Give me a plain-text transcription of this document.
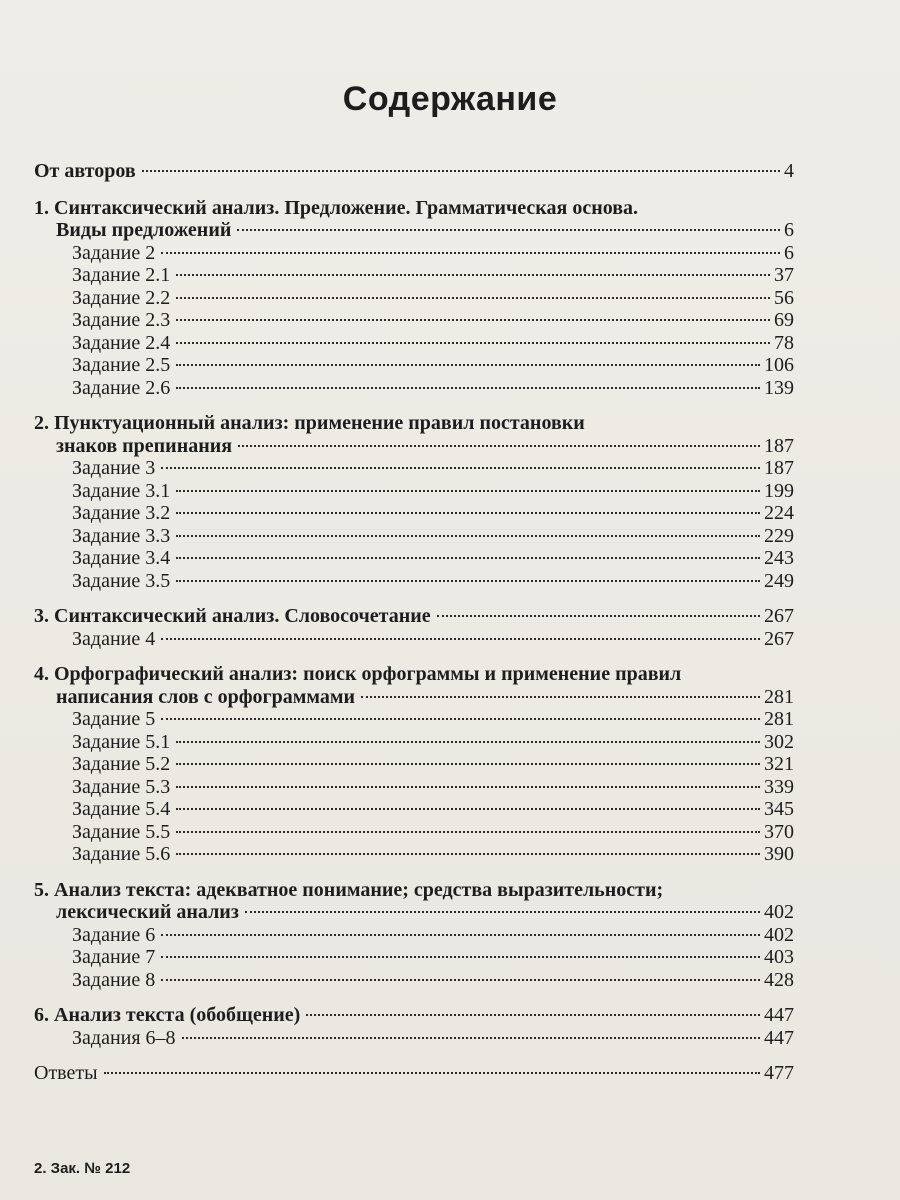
Содержание
От авторов	4
1. Синтаксический анализ. Предложение. Грамматическая основа.
Виды предложений	6
Задание 2	6
Задание 2.1	37
Задание 2.2	56
Задание 2.3	69
Задание 2.4	78
Задание 2.5	106
Задание 2.6	139
2. Пунктуационный анализ: применение правил постановки
знаков препинания	187
Задание 3	187
Задание 3.1	199
Задание 3.2	224
Задание 3.3	229
Задание 3.4	243
Задание 3.5	249
3. Синтаксический анализ. Словосочетание	267
Задание 4	267
4. Орфографический анализ: поиск орфограммы и применение правил
написания слов с орфограммами	281
Задание 5	281
Задание 5.1	302
Задание 5.2	321
Задание 5.3	339
Задание 5.4	345
Задание 5.5	370
Задание 5.6	390
5. Анализ текста: адекватное понимание; средства выразительности;
лексический анализ	402
Задание 6	402
Задание 7	403
Задание 8	428
6. Анализ текста (обобщение)	447
Задания 6–8	447
Ответы	477
2. Зак. № 212
